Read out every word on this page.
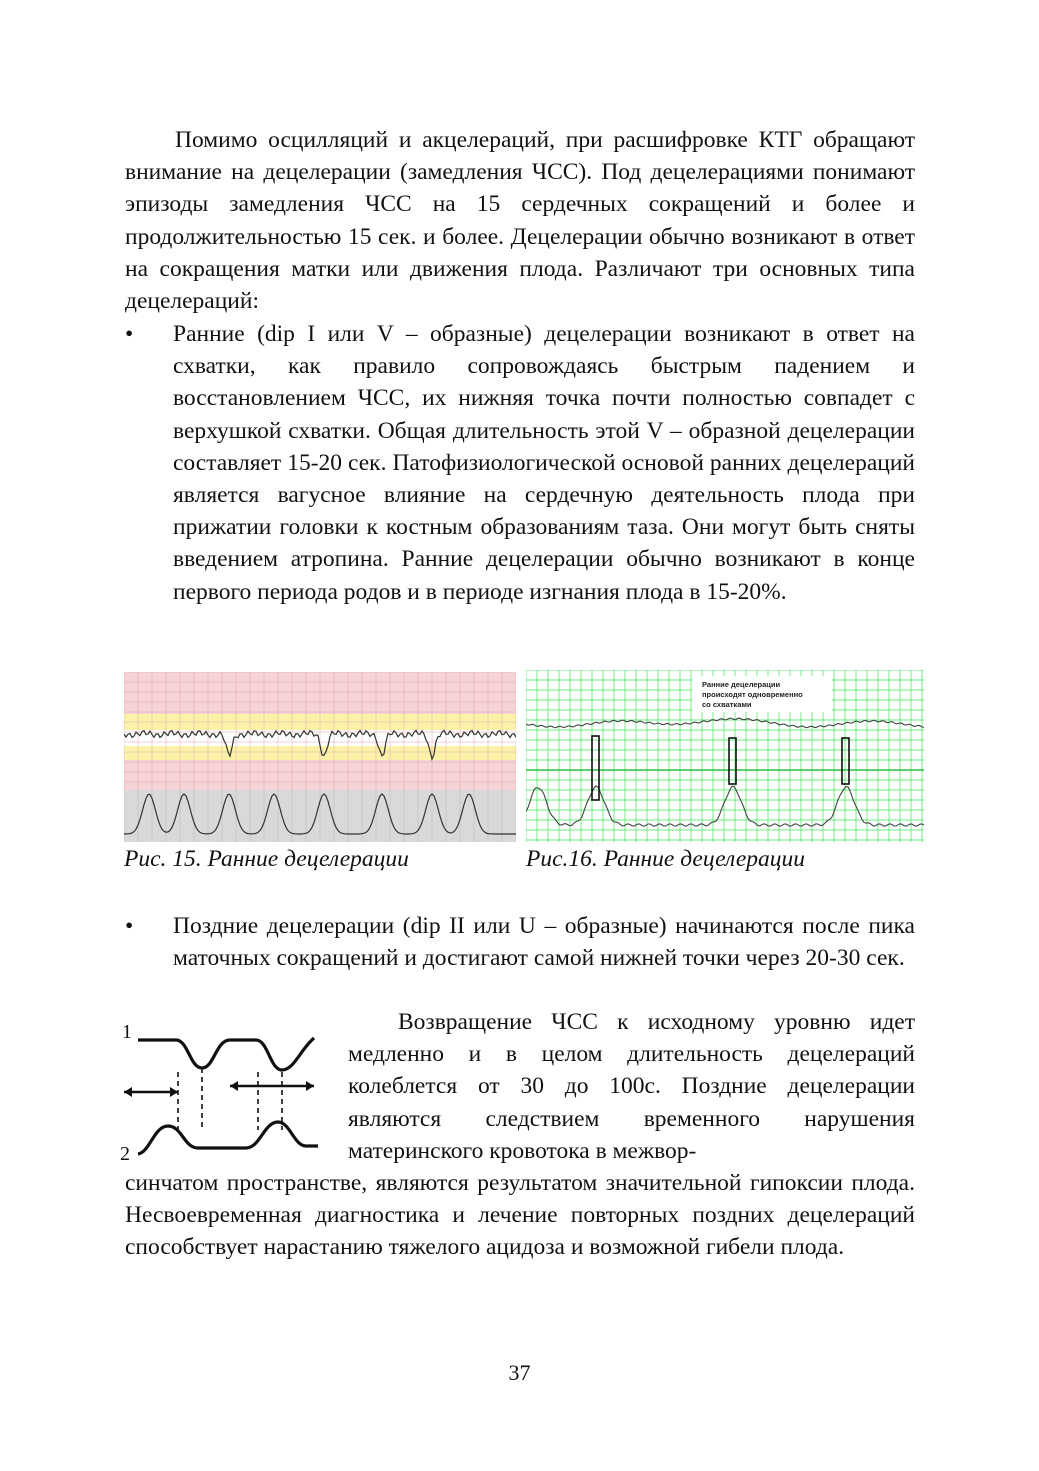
Помимо осцилляций и акцелераций, при расшифровке КТГ обращают внимание на децелерации (замедления ЧСС). Под децелерациями понимают эпизоды замедления ЧСС на 15 сердечных сокращений и более и продолжительностью 15 сек. и более. Децелерации обычно возникают в ответ на сокращения матки или движения плода. Различают три основных типа децелераций:

• Ранние (dip I или V – образные) децелерации возникают в ответ на схватки, как правило сопровождаясь быстрым падением и восстановлением ЧСС, их нижняя точка почти полностью совпадет с верхушкой схватки. Общая длительность этой V – образной децелерации составляет 15-20 сек. Патофизиологической основой ранних децелераций является вагусное влияние на сердечную деятельность плода при прижатии головки к костным образованиям таза. Они могут быть сняты введением атропина. Ранние децелерации обычно возникают в конце первого периода родов и в периоде изгнания плода в 15-20%.

Ранние децелерации
происходят одновременно
со схватками
Рис. 15. Ранние децелерации	Рис.16. Ранние децелерации
• Поздние децелерации (dip II или U – образные) начинаются после пика маточных сокращений и достигают самой нижней точки через 20-30 сек.

1
2

Возвращение ЧСС к исходному уровню идет медленно и в целом длительность децелераций колеблется от 30 до 100с. Поздние децелерации являются следствием временного нарушения материнского кровотока в межвор-

37

синчатом пространстве, являются результатом значительной гипоксии плода. Несвоевременная диагностика и лечение повторных поздних децелераций способствует нарастанию тяжелого ацидоза и возможной гибели плода.
